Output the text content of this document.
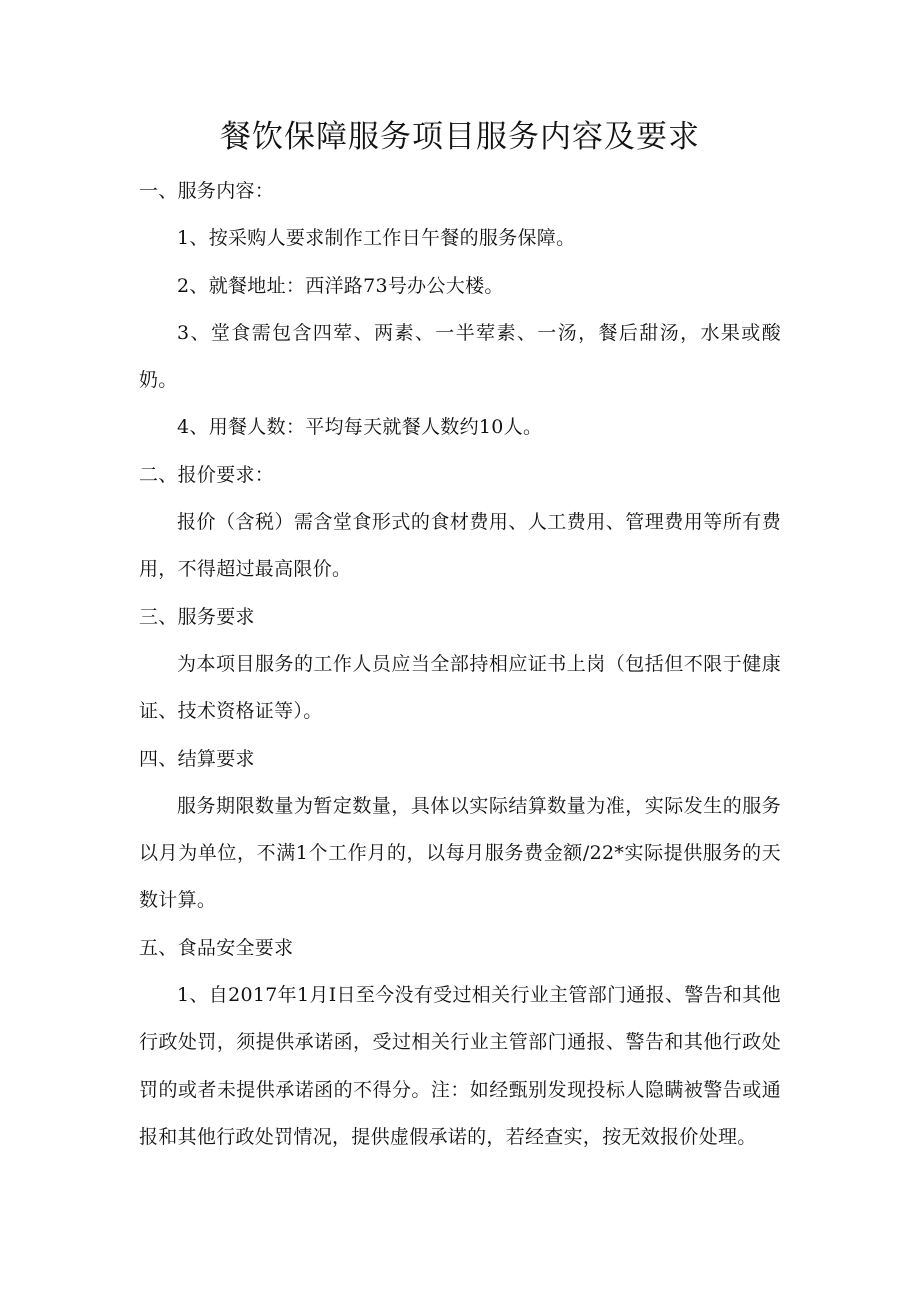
餐饮保障服务项目服务内容及要求

一、服务内容：

1、按采购人要求制作工作日午餐的服务保障。

2、就餐地址：西洋路73号办公大楼。

3、堂食需包含四荤、两素、一半荤素、一汤，餐后甜汤，水果或酸奶。

4、用餐人数：平均每天就餐人数约10人。

二、报价要求：

报价（含税）需含堂食形式的食材费用、人工费用、管理费用等所有费用，不得超过最高限价。

三、服务要求

为本项目服务的工作人员应当全部持相应证书上岗（包括但不限于健康证、技术资格证等）。

四、结算要求

服务期限数量为暂定数量，具体以实际结算数量为准，实际发生的服务以月为单位，不满1个工作月的，以每月服务费金额/22*实际提供服务的天数计算。

五、食品安全要求

1、自2017年1月Ⅰ日至今没有受过相关行业主管部门通报、警告和其他行政处罚，须提供承诺函，受过相关行业主管部门通报、警告和其他行政处罚的或者未提供承诺函的不得分。注：如经甄别发现投标人隐瞒被警告或通报和其他行政处罚情况，提供虚假承诺的，若经查实，按无效报价处理。
